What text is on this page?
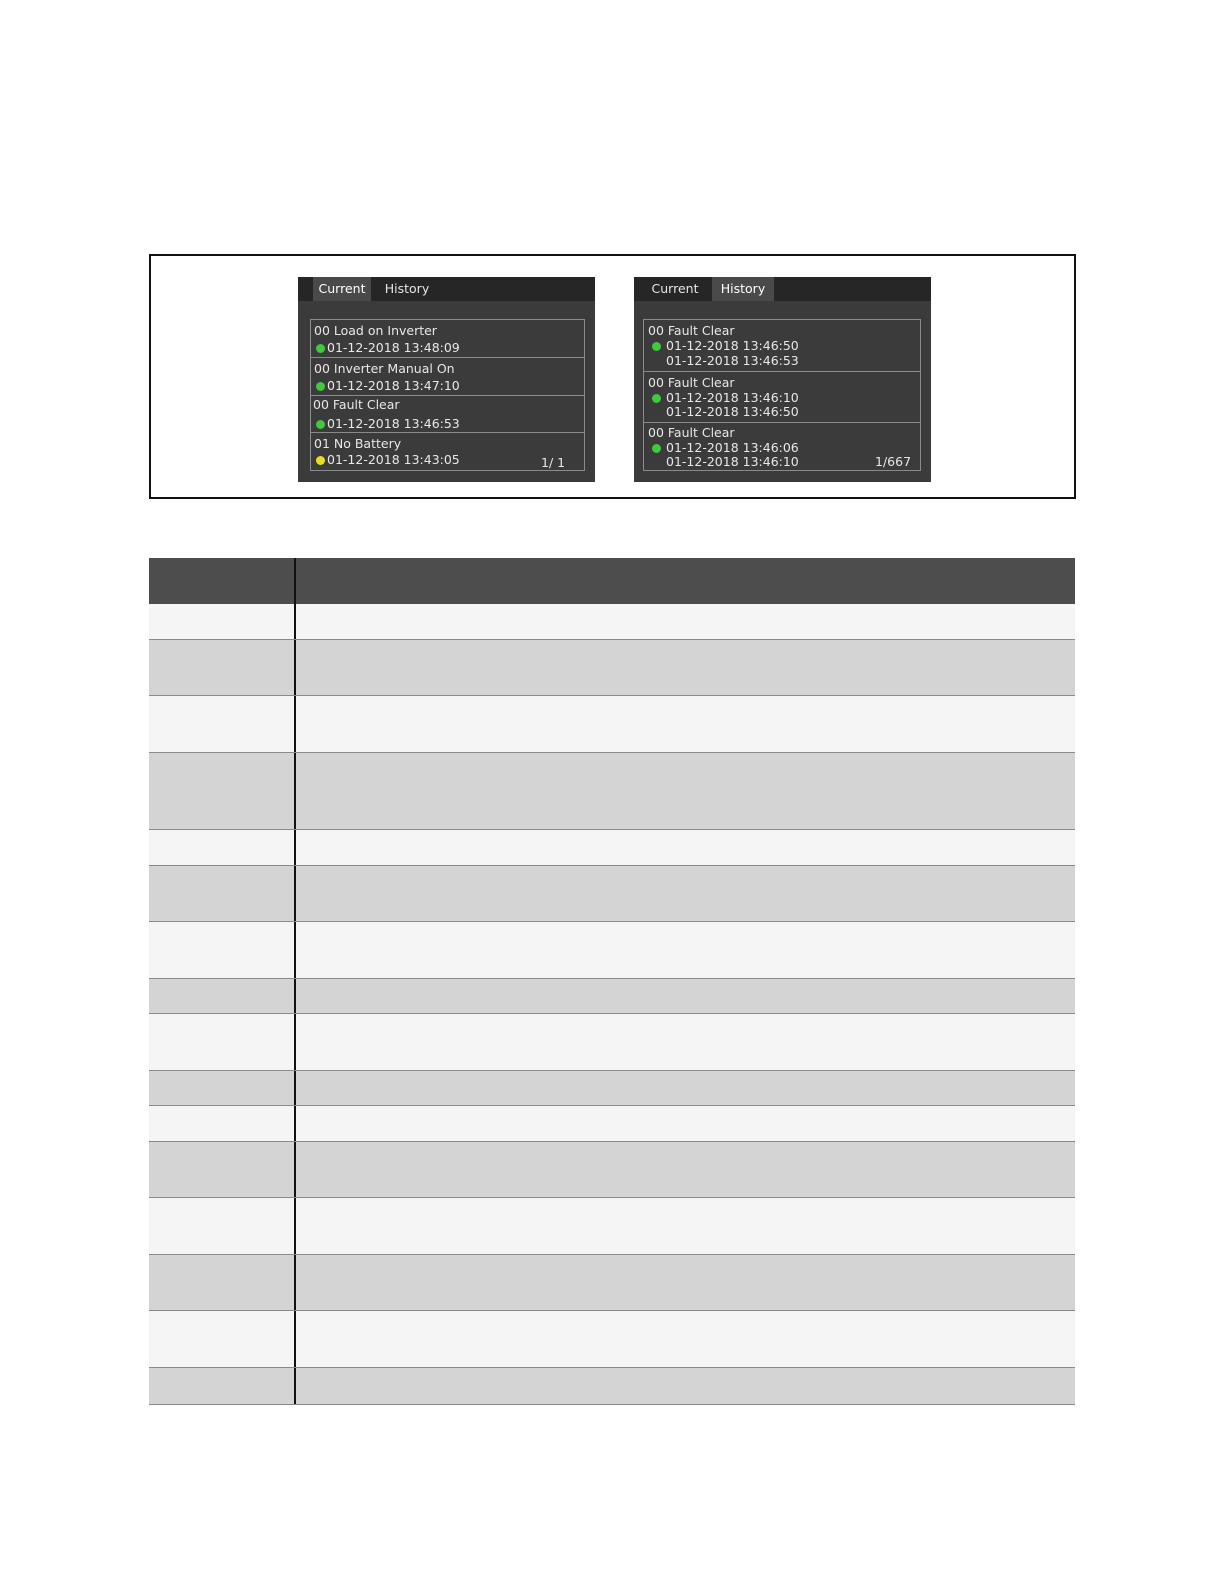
Current	History
00 Load on Inverter
01-12-2018 13:48:09
00 Inverter Manual On
01-12-2018 13:47:10
00 Fault Clear
01-12-2018 13:46:53
01 No Battery
01-12-2018 13:43:05	1/ 1
Current	History
00 Fault Clear
01-12-2018 13:46:50
01-12-2018 13:46:53
00 Fault Clear
01-12-2018 13:46:10
01-12-2018 13:46:50
00 Fault Clear
01-12-2018 13:46:06
01-12-2018 13:46:10	1/667
